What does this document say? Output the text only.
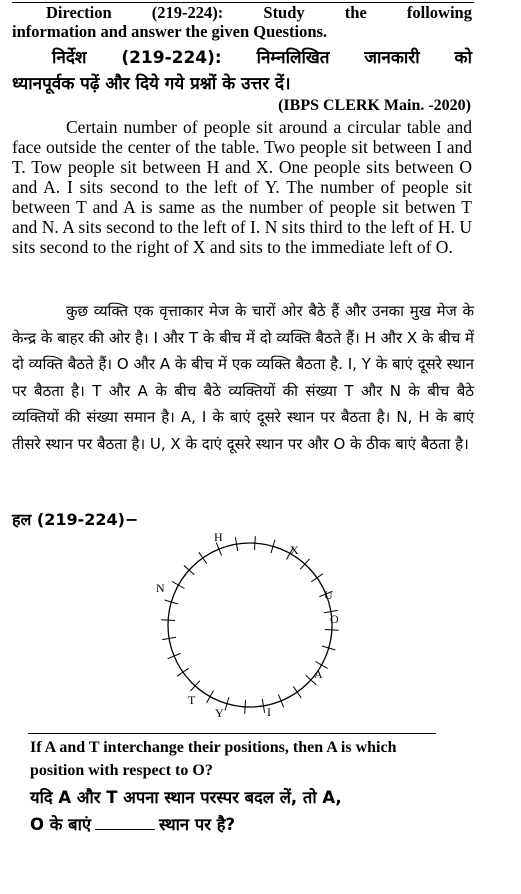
Direction (219-224): Study the following
information and answer the given Questions.
निर्देश (219-224): निम्नलिखित जानकारी को
ध्यानपूर्वक पढ़ें और दिये गये प्रश्नों के उत्तर दें।
(IBPS CLERK Main. -2020)
Certain number of people sit around a circular table and face outside the center of the table. Two people sit between I and T. Tow people sit between H and X. One people sits between O and A. I sits second to the left of Y. The number of people sit between T and A is same as the number of people sit betwen T and N. A sits second to the left of I. N sits third to the left of H. U sits second to the right of X and sits to the immediate left of O.
कुछ व्यक्ति एक वृत्ताकार मेज के चारों ओर बैठे हैं और उनका मुख मेज के केन्द्र के बाहर की ओर है। I और T के बीच में दो व्यक्ति बैठते हैं। H और X के बीच में दो व्यक्ति बैठते हैं। O और A के बीच में एक व्यक्ति बैठता है. I, Y के बाएं दूसरे स्थान पर बैठता है। T और A के बीच बैठे व्यक्तियों की संख्या T और N के बीच बैठे व्यक्तियों की संख्या समान है। A, I के बाएं दूसरे स्थान पर बैठता है। N, H के बाएं तीसरे स्थान पर बैठता है। U, X के दाएं दूसरे स्थान पर और O के ठीक बाएं बैठता है।
हल (219-224)−
H
X
U
O
A
I
Y
T
N
If A and T interchange their positions, then A is which position with respect to O?
यदि A और T अपना स्थान परस्पर बदल लें, तो A,
O के बाएं	स्थान पर है?
